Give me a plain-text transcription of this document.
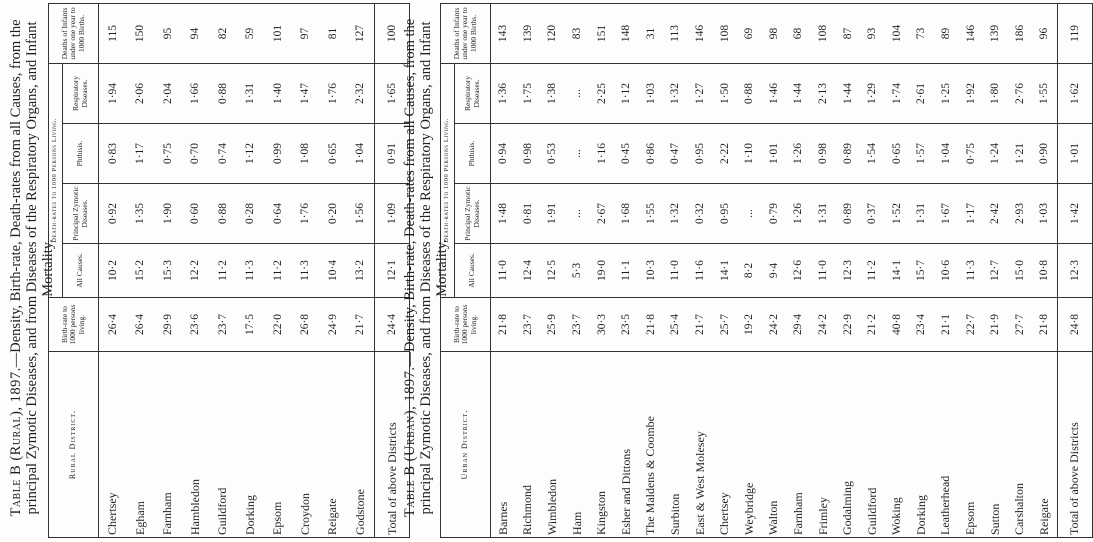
Table B (Rural), 1897.—Density, Birth-rate, Death-rates from all Causes, from the principal Zymotic Diseases, and from Diseases of the Respiratory Organs, and Infant Mortality.
Rural District.	Birth-rate to 1000 persons living.	Death-rates to 1000 Persons Living.				Deaths of Infants under one year to 1000 Births.
		All Causes.	Principal Zymotic Diseases.	Phthisis.	Respiratory Diseases.	
Chertsey	26·4	10·2	0·92	0·83	1·94	115
Egham	26·4	15·2	1·35	1·17	2·06	150
Farnham	29·9	15·3	1·90	0·75	2·04	95
Hambledon	23·6	12·2	0·60	0·70	1·66	94
Guildford	23·7	11·2	0·88	0·74	0·88	82
Dorking	17·5	11·3	0·28	1·12	1·31	59
Epsom	22·0	11·2	0·64	0·99	1·40	101
Croydon	26·8	11·3	1·76	1·08	1·47	97
Reigate	24·9	10·4	0·20	0·65	1·76	81
Godstone	21·7	13·2	1·56	1·04	2·32	127
Total of above Districts	24·4	12·1	1·09	0·91	1·65	100
Table B (Urban), 1897.—Density, Birth-rate, Death-rates from all Causes, from the principal Zymotic Diseases, and from Diseases of the Respiratory Organs, and Infant Mortality.
Urban District.	Birth-rate to 1000 persons living.	Death-rates to 1000 Persons Living.				Deaths of Infants under one year to 1000 Births.
		All Causes.	Principal Zymotic Diseases.	Phthisis.	Respiratory Diseases.	
Barnes	21·8	11·0	1·48	0·94	1·36	143
Richmond	23·7	12·4	0·81	0·98	1·75	139
Wimbledon	25·9	12·5	1·91	0·53	1·38	120
Ham	23·7	5·3	...	...	...	83
Kingston	30·3	19·0	2·67	1·16	2·25	151
Esher and Dittons	23·5	11·1	1·68	0·45	1·12	148
The Maldens & Coombe	21·8	10·3	1·55	0·86	1·03	31
Surbiton	25·4	11·0	1·32	0·47	1·32	113
East & West Molesey	21·7	11·6	0·32	0·95	1·27	146
Chertsey	25·7	14·1	0·95	2·22	1·50	108
Weybridge	19·2	8·2	...	1·10	0·88	69
Walton	24·2	9·4	0·79	1·01	1·46	98
Farnham	29·4	12·6	1·26	1·26	1·44	68
Frimley	24·2	11·0	1·31	0·98	2·13	108
Godalming	22·9	12·3	0·89	0·89	1·44	87
Guildford	21·2	11·2	0·37	1·54	1·29	93
Woking	40·8	14·1	1·52	0·65	1·74	104
Dorking	23·4	15·7	1·31	1·57	2·61	73
Leatherhead	21·1	10·6	1·67	1·04	1·25	89
Epsom	22·7	11·3	1·17	0·75	1·92	146
Sutton	21·9	12·7	2·42	1·24	1·80	139
Carshalton	27·7	15·0	2·93	1·21	2·76	186
Reigate	21·8	10·8	1·03	0·90	1·55	96
Total of above Districts	24·8	12·3	1·42	1·01	1·62	119
